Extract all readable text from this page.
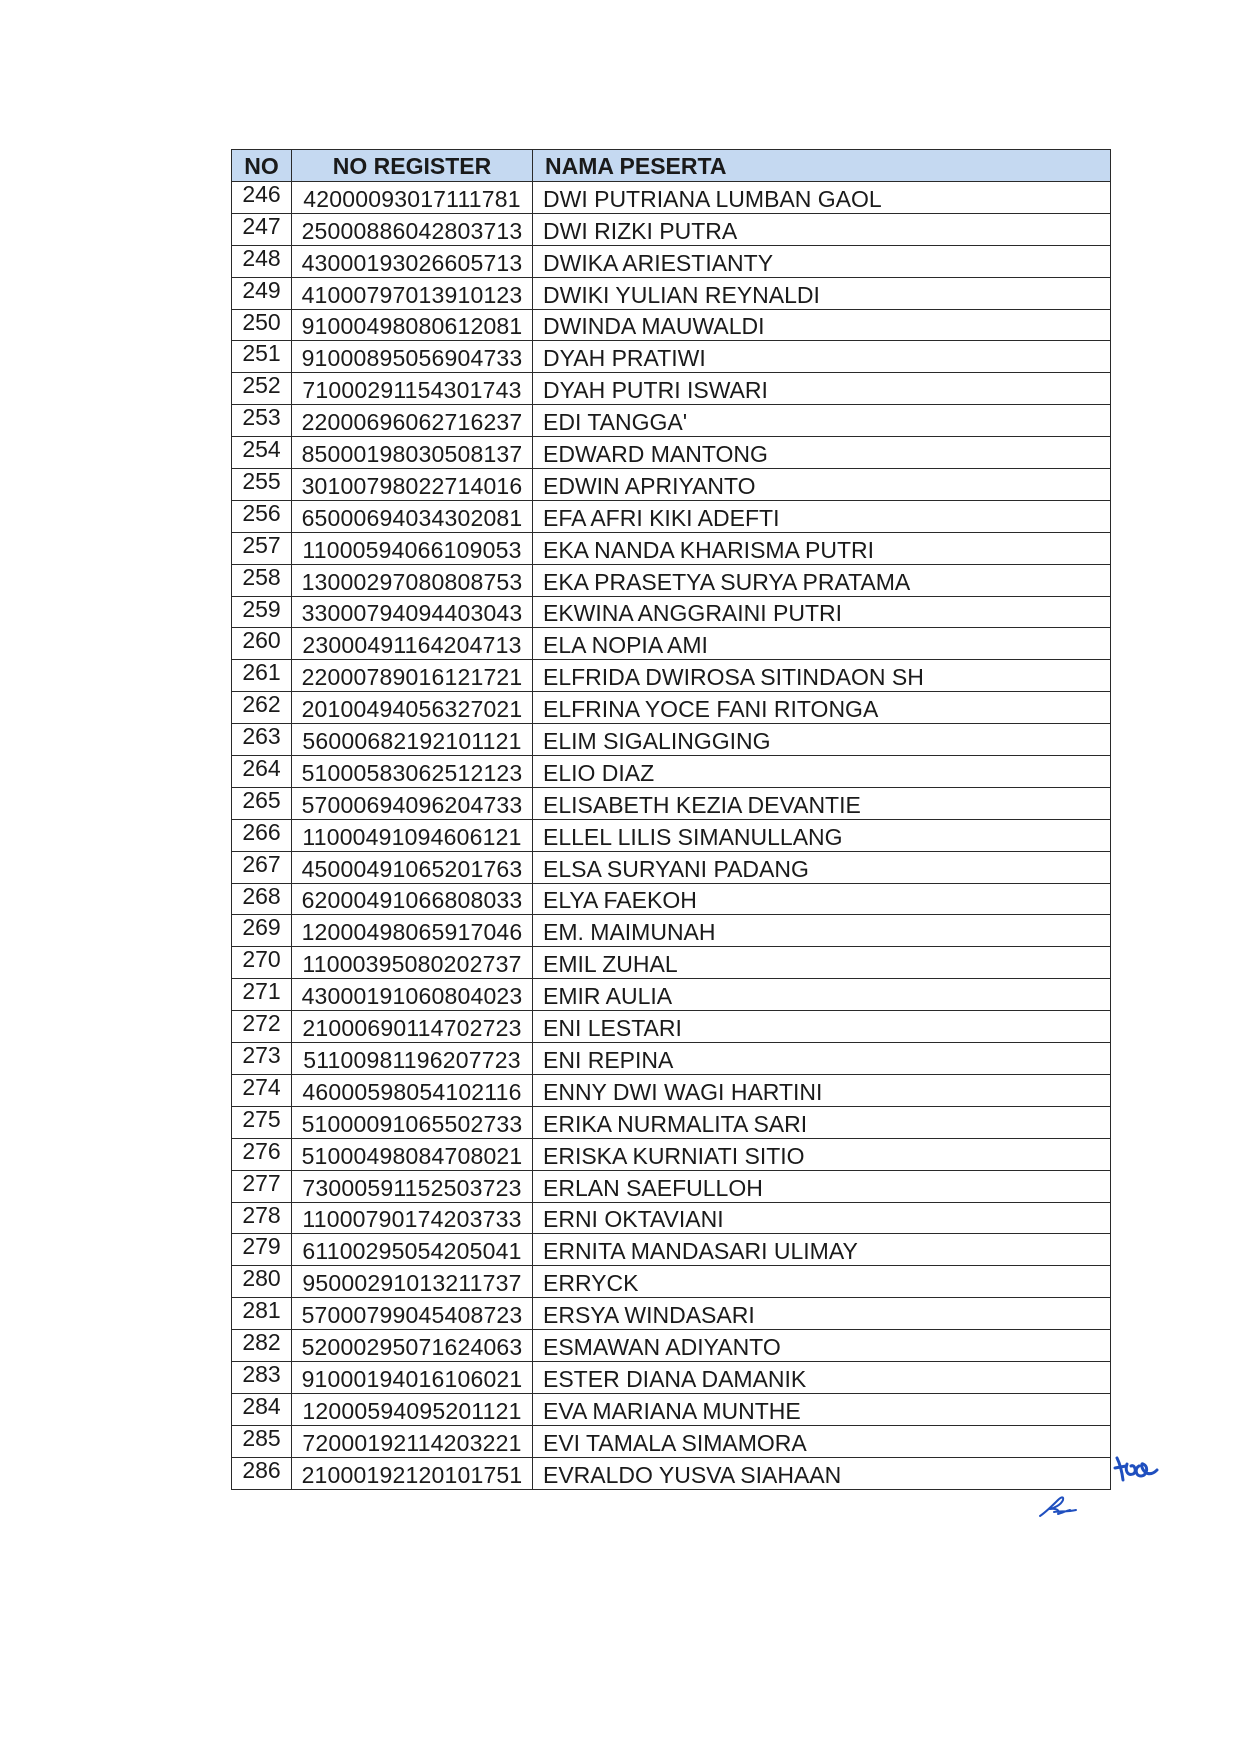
NO	NO REGISTER	NAMA PESERTA
246	42000093017111781	DWI PUTRIANA LUMBAN GAOL
247	25000886042803713	DWI RIZKI PUTRA
248	43000193026605713	DWIKA ARIESTIANTY
249	41000797013910123	DWIKI YULIAN REYNALDI
250	91000498080612081	DWINDA MAUWALDI
251	91000895056904733	DYAH PRATIWI
252	71000291154301743	DYAH PUTRI ISWARI
253	22000696062716237	EDI TANGGA'
254	85000198030508137	EDWARD MANTONG
255	30100798022714016	EDWIN APRIYANTO
256	65000694034302081	EFA AFRI KIKI ADEFTI
257	11000594066109053	EKA NANDA KHARISMA PUTRI
258	13000297080808753	EKA PRASETYA SURYA PRATAMA
259	33000794094403043	EKWINA ANGGRAINI PUTRI
260	23000491164204713	ELA NOPIA AMI
261	22000789016121721	ELFRIDA DWIROSA SITINDAON SH
262	20100494056327021	ELFRINA YOCE FANI RITONGA
263	56000682192101121	ELIM SIGALINGGING
264	51000583062512123	ELIO DIAZ
265	57000694096204733	ELISABETH KEZIA DEVANTIE
266	11000491094606121	ELLEL LILIS SIMANULLANG
267	45000491065201763	ELSA SURYANI PADANG
268	62000491066808033	ELYA FAEKOH
269	12000498065917046	EM. MAIMUNAH
270	11000395080202737	EMIL ZUHAL
271	43000191060804023	EMIR AULIA
272	21000690114702723	ENI LESTARI
273	51100981196207723	ENI REPINA
274	46000598054102116	ENNY DWI WAGI HARTINI
275	51000091065502733	ERIKA NURMALITA SARI
276	51000498084708021	ERISKA KURNIATI SITIO
277	73000591152503723	ERLAN SAEFULLOH
278	11000790174203733	ERNI OKTAVIANI
279	61100295054205041	ERNITA MANDASARI ULIMAY
280	95000291013211737	ERRYCK
281	57000799045408723	ERSYA WINDASARI
282	52000295071624063	ESMAWAN ADIYANTO
283	91000194016106021	ESTER DIANA DAMANIK
284	12000594095201121	EVA MARIANA MUNTHE
285	72000192114203221	EVI TAMALA SIMAMORA
286	21000192120101751	EVRALDO YUSVA SIAHAAN
